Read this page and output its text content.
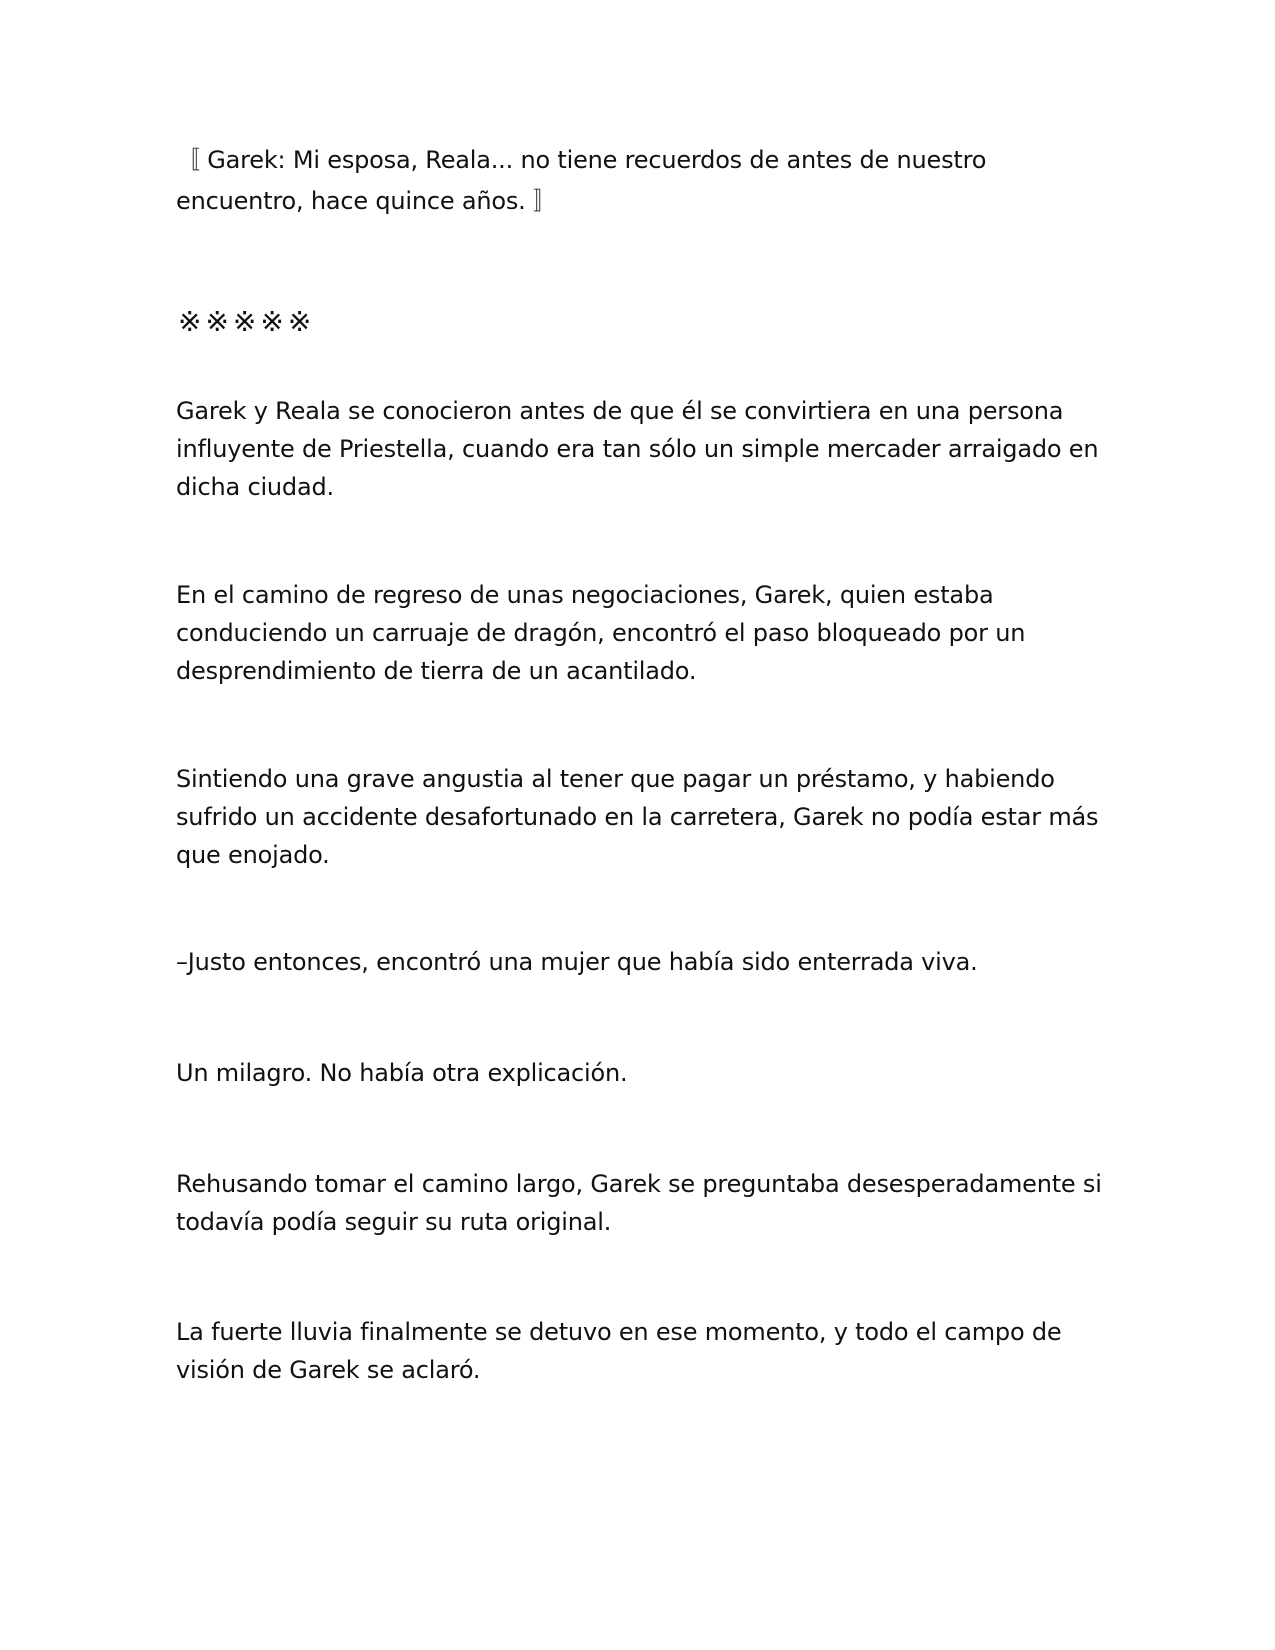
〚 Garek: Mi esposa, Reala... no tiene recuerdos de antes de nuestro
encuentro, hace quince años. 〛

※※※※※

Garek y Reala se conocieron antes de que él se convirtiera en una persona
influyente de Priestella, cuando era tan sólo un simple mercader arraigado en
dicha ciudad.

En el camino de regreso de unas negociaciones, Garek, quien estaba
conduciendo un carruaje de dragón, encontró el paso bloqueado por un
desprendimiento de tierra de un acantilado.

Sintiendo una grave angustia al tener que pagar un préstamo, y habiendo
sufrido un accidente desafortunado en la carretera, Garek no podía estar más
que enojado.

–Justo entonces, encontró una mujer que había sido enterrada viva.

Un milagro. No había otra explicación.

Rehusando tomar el camino largo, Garek se preguntaba desesperadamente si
todavía podía seguir su ruta original.

La fuerte lluvia finalmente se detuvo en ese momento, y todo el campo de
visión de Garek se aclaró.
